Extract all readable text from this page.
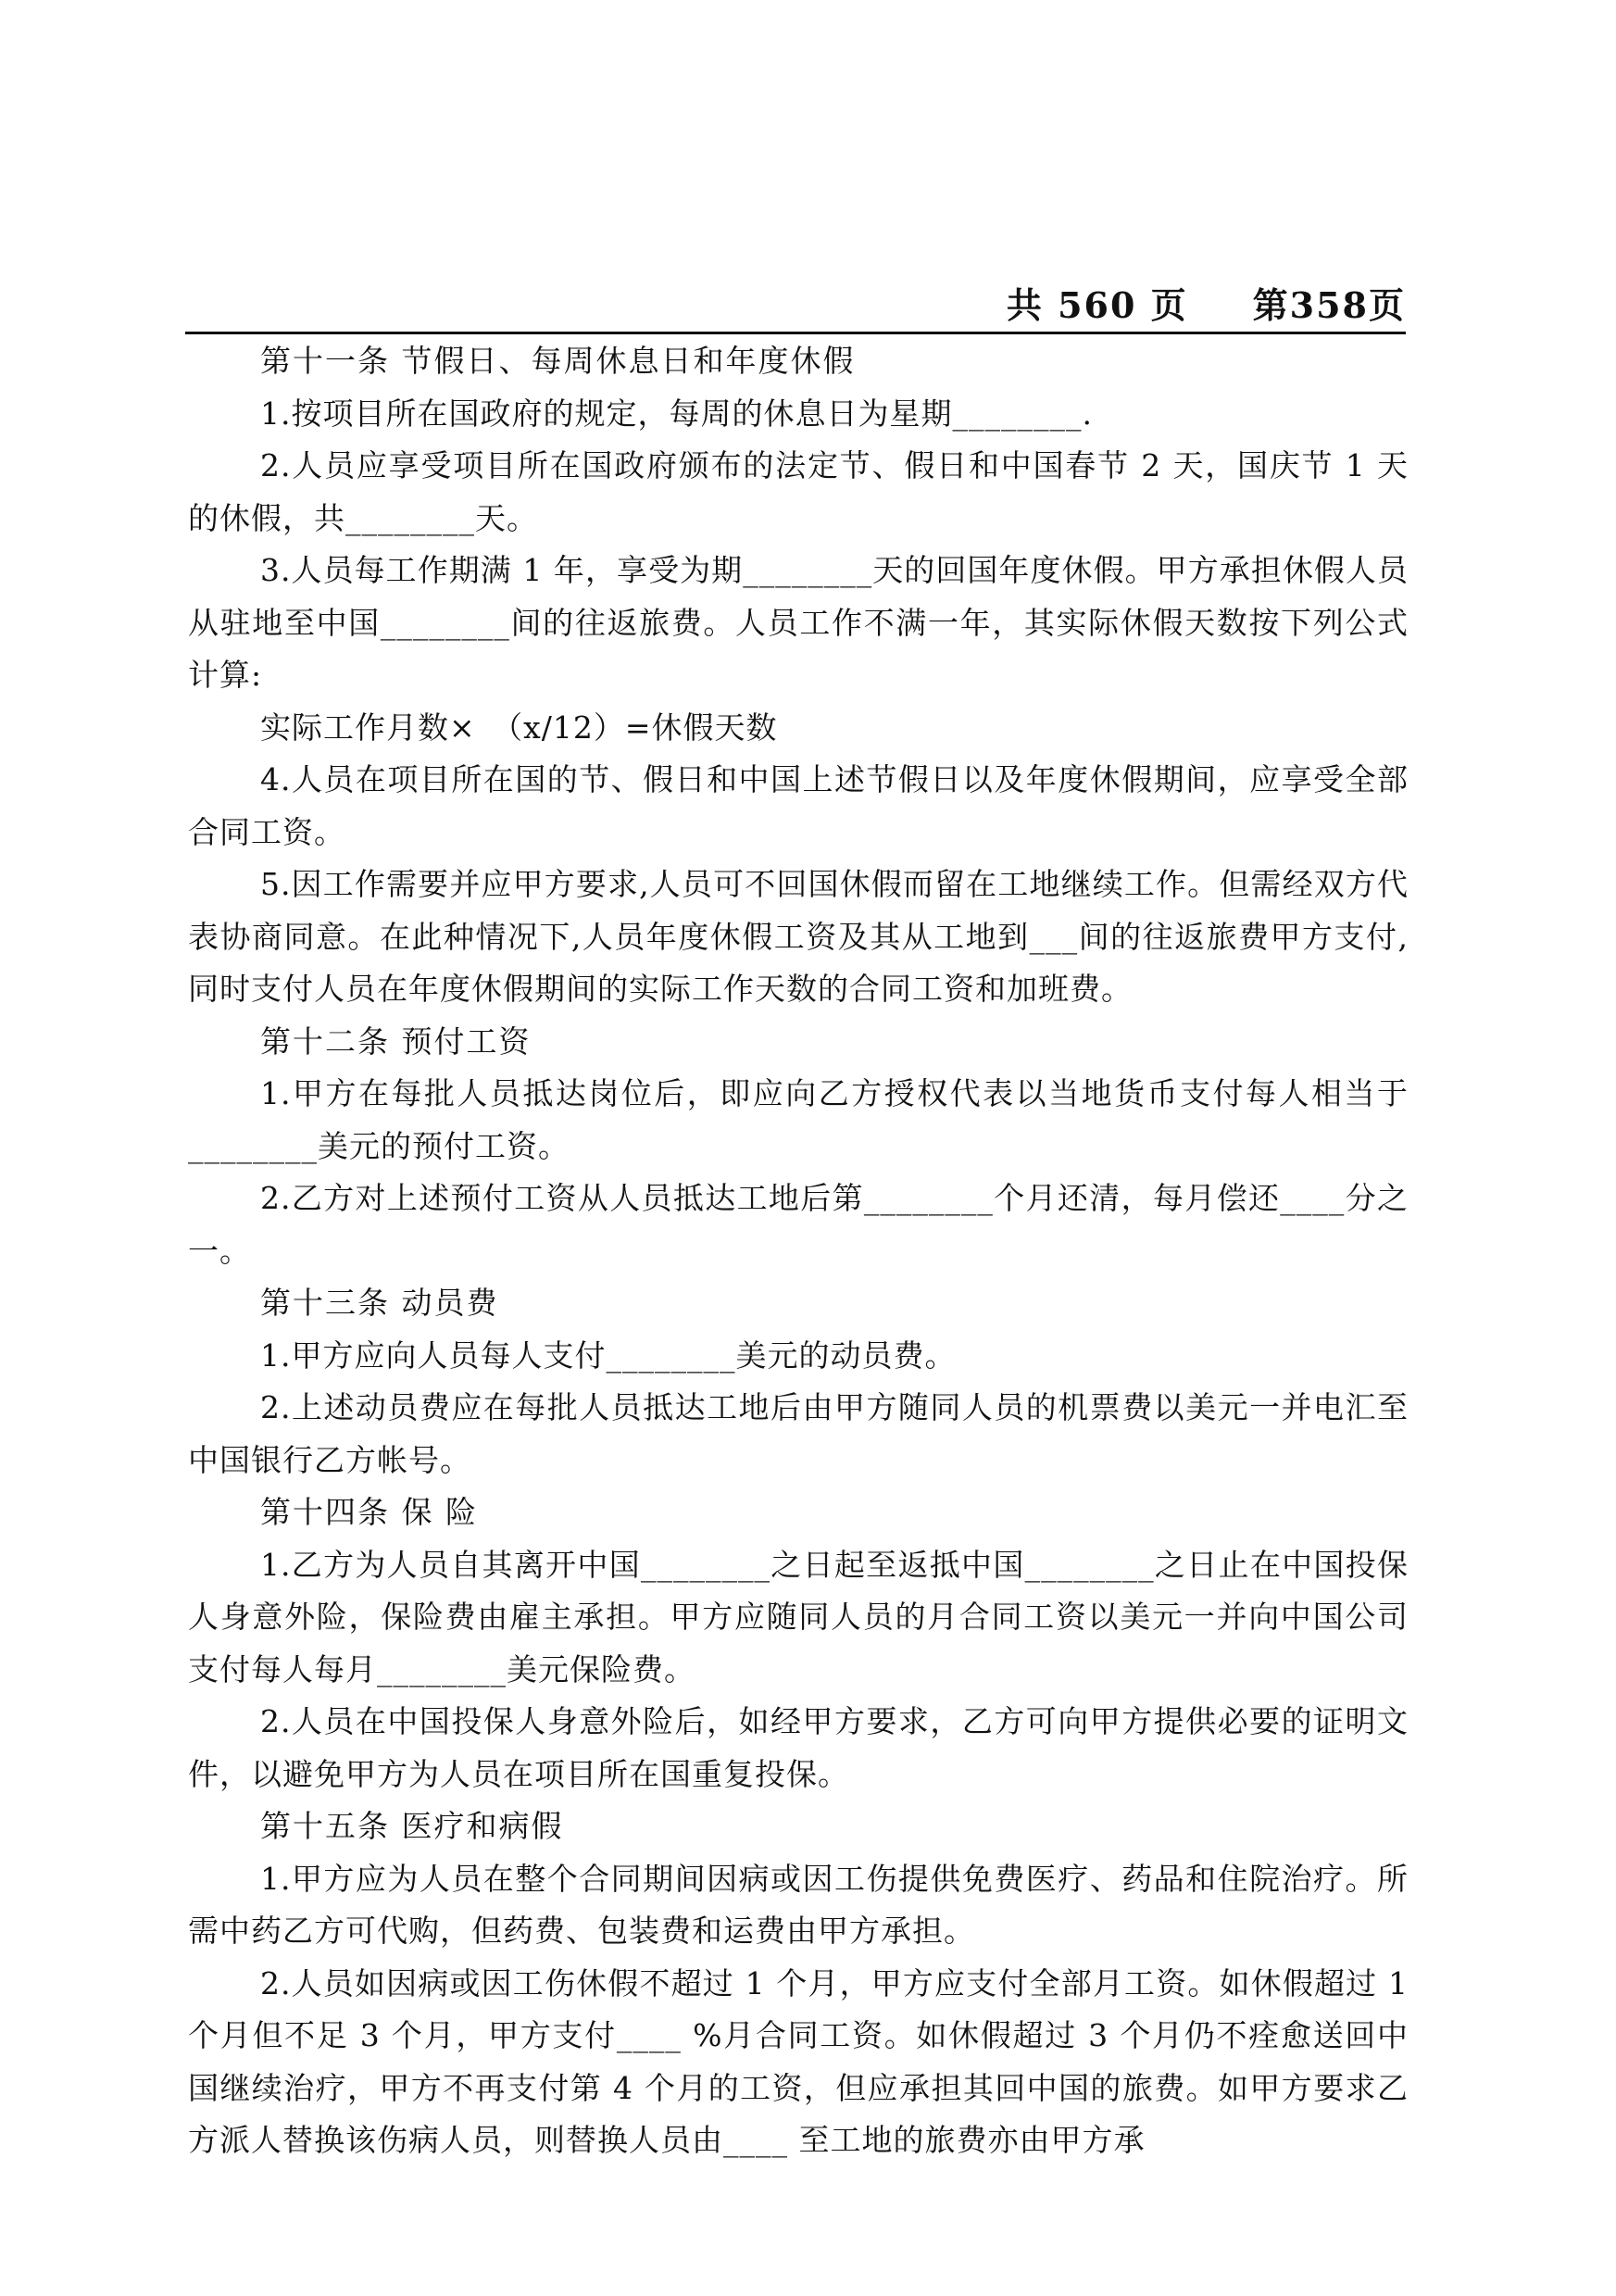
共 560 页 第358页

第十一条 节假日、每周休息日和年度休假

1.按项目所在国政府的规定，每周的休息日为星期________.

2.人员应享受项目所在国政府颁布的法定节、假日和中国春节 2 天，国庆节 1 天的休假，共________天。

3.人员每工作期满 1 年，享受为期________天的回国年度休假。甲方承担休假人员从驻地至中国________间的往返旅费。人员工作不满一年，其实际休假天数按下列公式计算:

实际工作月数×　（x/12）=休假天数

4.人员在项目所在国的节、假日和中国上述节假日以及年度休假期间，应享受全部合同工资。

5.因工作需要并应甲方要求,人员可不回国休假而留在工地继续工作。但需经双方代表协商同意。在此种情况下,人员年度休假工资及其从工地到___间的往返旅费甲方支付,同时支付人员在年度休假期间的实际工作天数的合同工资和加班费。

第十二条 预付工资

1.甲方在每批人员抵达岗位后，即应向乙方授权代表以当地货币支付每人相当于________美元的预付工资。

2.乙方对上述预付工资从人员抵达工地后第________个月还清，每月偿还____分之一。

第十三条 动员费

1.甲方应向人员每人支付________美元的动员费。

2.上述动员费应在每批人员抵达工地后由甲方随同人员的机票费以美元一并电汇至中国银行乙方帐号。

第十四条 保 险

1.乙方为人员自其离开中国________之日起至返抵中国________之日止在中国投保人身意外险，保险费由雇主承担。甲方应随同人员的月合同工资以美元一并向中国公司支付每人每月________美元保险费。

2.人员在中国投保人身意外险后，如经甲方要求，乙方可向甲方提供必要的证明文件，以避免甲方为人员在项目所在国重复投保。

第十五条 医疗和病假

1.甲方应为人员在整个合同期间因病或因工伤提供免费医疗、药品和住院治疗。所需中药乙方可代购，但药费、包装费和运费由甲方承担。

2.人员如因病或因工伤休假不超过 1 个月，甲方应支付全部月工资。如休假超过 1 个月但不足 3 个月，甲方支付____ %月合同工资。如休假超过 3 个月仍不痊愈送回中国继续治疗，甲方不再支付第 4 个月的工资，但应承担其回中国的旅费。如甲方要求乙方派人替换该伤病人员，则替换人员由____ 至工地的旅费亦由甲方承
